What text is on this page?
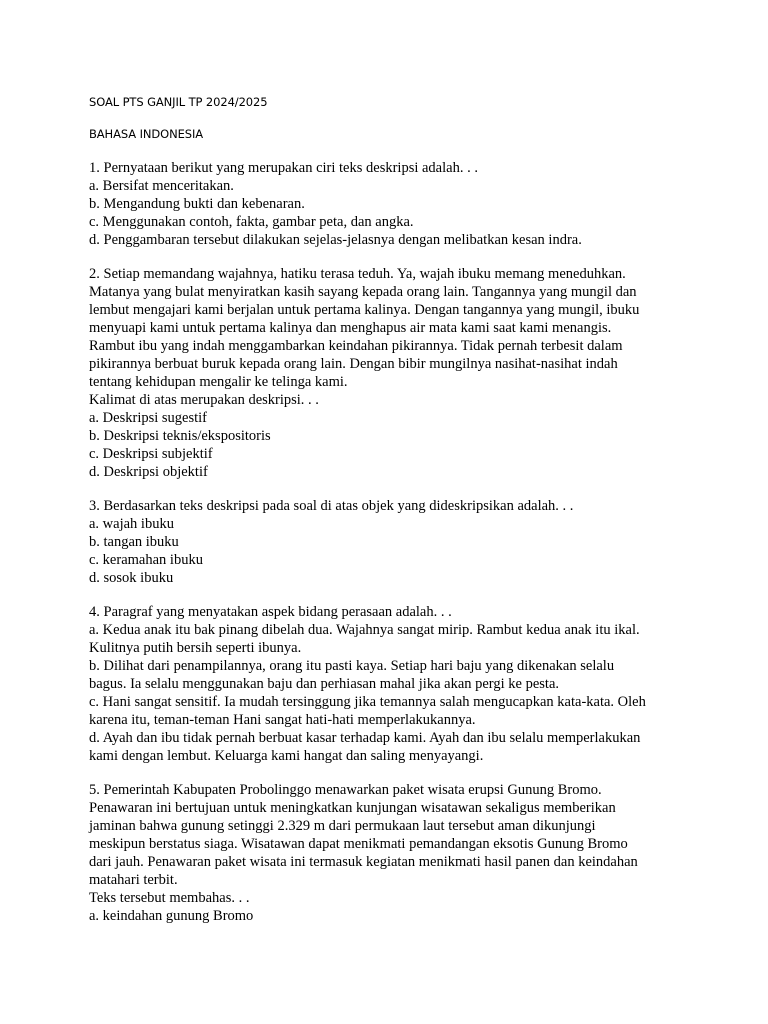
SOAL PTS GANJIL TP 2024/2025

BAHASA INDONESIA

1. Pernyataan berikut yang merupakan ciri teks deskripsi adalah. . .

a. Bersifat menceritakan.

b. Mengandung bukti dan kebenaran.

c. Menggunakan contoh, fakta, gambar peta, dan angka.

d. Penggambaran tersebut dilakukan sejelas-jelasnya dengan melibatkan kesan indra.

2. Setiap memandang wajahnya, hatiku terasa teduh. Ya, wajah ibuku memang meneduhkan.

Matanya yang bulat menyiratkan kasih sayang kepada orang lain. Tangannya yang mungil dan

lembut mengajari kami berjalan untuk pertama kalinya. Dengan tangannya yang mungil, ibuku

menyuapi kami untuk pertama kalinya dan menghapus air mata kami saat kami menangis.

Rambut ibu yang indah menggambarkan keindahan pikirannya. Tidak pernah terbesit dalam

pikirannya berbuat buruk kepada orang lain. Dengan bibir mungilnya nasihat-nasihat indah

tentang kehidupan mengalir ke telinga kami.

Kalimat di atas merupakan deskripsi. . .

a. Deskripsi sugestif

b. Deskripsi teknis/ekspositoris

c. Deskripsi subjektif

d. Deskripsi objektif

3. Berdasarkan teks deskripsi pada soal di atas objek yang dideskripsikan adalah. . .

a. wajah ibuku

b. tangan ibuku

c. keramahan ibuku

d. sosok ibuku

4. Paragraf yang menyatakan aspek bidang perasaan adalah. . .

a. Kedua anak itu bak pinang dibelah dua. Wajahnya sangat mirip. Rambut kedua anak itu ikal.

Kulitnya putih bersih seperti ibunya.

b. Dilihat dari penampilannya, orang itu pasti kaya. Setiap hari baju yang dikenakan selalu

bagus. Ia selalu menggunakan baju dan perhiasan mahal jika akan pergi ke pesta.

c. Hani sangat sensitif. Ia mudah tersinggung jika temannya salah mengucapkan kata-kata. Oleh

karena itu, teman-teman Hani sangat hati-hati memperlakukannya.

d. Ayah dan ibu tidak pernah berbuat kasar terhadap kami. Ayah dan ibu selalu memperlakukan

kami dengan lembut. Keluarga kami hangat dan saling menyayangi.

5. Pemerintah Kabupaten Probolinggo menawarkan paket wisata erupsi Gunung Bromo.

Penawaran ini bertujuan untuk meningkatkan kunjungan wisatawan sekaligus memberikan

jaminan bahwa gunung setinggi 2.329 m dari permukaan laut tersebut aman dikunjungi

meskipun berstatus siaga. Wisatawan dapat menikmati pemandangan eksotis Gunung Bromo

dari jauh. Penawaran paket wisata ini termasuk kegiatan menikmati hasil panen dan keindahan

matahari terbit.

Teks tersebut membahas. . .

a. keindahan gunung Bromo
